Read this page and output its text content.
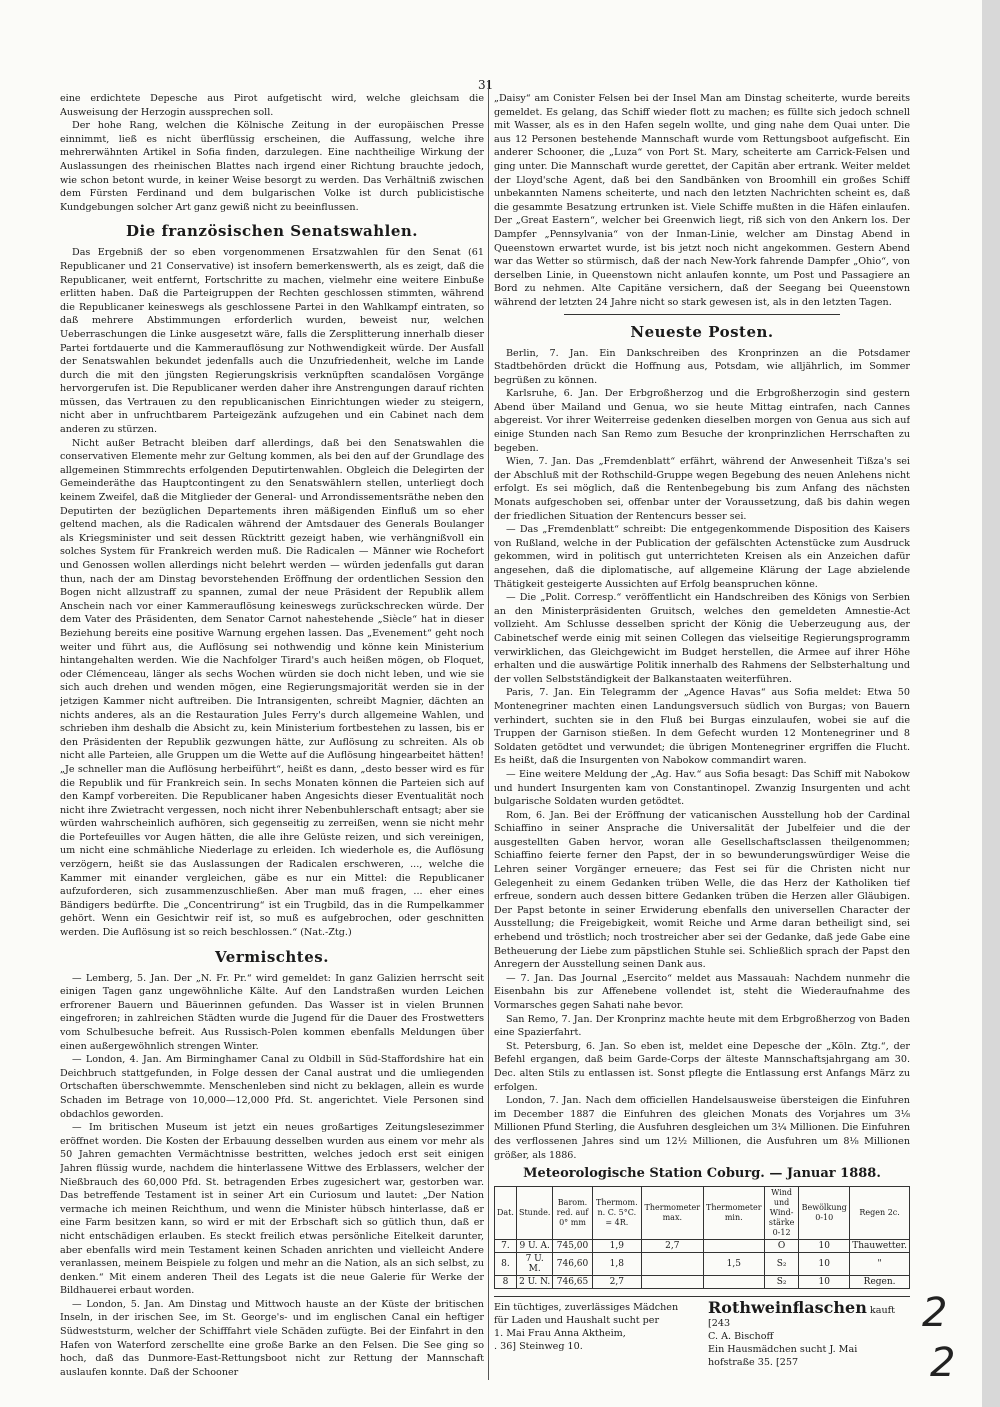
31

eine erdichtete Depesche aus Pirot aufgetischt wird, welche gleichsam die Ausweisung der Herzogin aussprechen soll.

Der hohe Rang, welchen die Kölnische Zeitung in der europäischen Presse einnimmt, ließ es nicht überflüssig erscheinen, die Auffassung, welche ihre mehrerwähnten Artikel in Sofia finden, darzulegen. Eine nachtheilige Wirkung der Auslassungen des rheinischen Blattes nach irgend einer Richtung brauchte jedoch, wie schon betont wurde, in keiner Weise besorgt zu werden. Das Verhältniß zwischen dem Fürsten Ferdinand und dem bulgarischen Volke ist durch publicistische Kundgebungen solcher Art ganz gewiß nicht zu beeinflussen.

Die französischen Senatswahlen.

Das Ergebniß der so eben vorgenommenen Ersatzwahlen für den Senat (61 Republicaner und 21 Conservative) ist insofern bemerkenswerth, als es zeigt, daß die Republicaner, weit entfernt, Fortschritte zu machen, vielmehr eine weitere Einbuße erlitten haben. Daß die Parteigruppen der Rechten geschlossen stimmten, während die Republicaner keineswegs als geschlossene Partei in den Wahlkampf eintraten, so daß mehrere Abstimmungen erforderlich wurden, beweist nur, welchen Ueberraschungen die Linke ausgesetzt wäre, falls die Zersplitterung innerhalb dieser Partei fortdauerte und die Kammerauflösung zur Nothwendigkeit würde. Der Ausfall der Senatswahlen bekundet jedenfalls auch die Unzufriedenheit, welche im Lande durch die mit den jüngsten Regierungskrisis verknüpften scandalösen Vorgänge hervorgerufen ist. Die Republicaner werden daher ihre Anstrengungen darauf richten müssen, das Vertrauen zu den republicanischen Einrichtungen wieder zu steigern, nicht aber in unfruchtbarem Parteigezänk aufzugehen und ein Cabinet nach dem anderen zu stürzen.

Nicht außer Betracht bleiben darf allerdings, daß bei den Senatswahlen die conservativen Elemente mehr zur Geltung kommen, als bei den auf der Grundlage des allgemeinen Stimmrechts erfolgenden Deputirtenwahlen. Obgleich die Delegirten der Gemeinderäthe das Hauptcontingent zu den Senatswählern stellen, unterliegt doch keinem Zweifel, daß die Mitglieder der General- und Arrondissementsräthe neben den Deputirten der bezüglichen Departements ihren mäßigenden Einfluß um so eher geltend machen, als die Radicalen während der Amtsdauer des Generals Boulanger als Kriegsminister und seit dessen Rücktritt gezeigt haben, wie verhängnißvoll ein solches System für Frankreich werden muß. Die Radicalen — Männer wie Rochefort und Genossen wollen allerdings nicht belehrt werden — würden jedenfalls gut daran thun, nach der am Dinstag bevorstehenden Eröffnung der ordentlichen Session den Bogen nicht allzustraff zu spannen, zumal der neue Präsident der Republik allem Anschein nach vor einer Kammerauflösung keineswegs zurückschrecken würde. Der dem Vater des Präsidenten, dem Senator Carnot nahestehende „Siècle“ hat in dieser Beziehung bereits eine positive Warnung ergehen lassen. Das „Evenement“ geht noch weiter und führt aus, die Auflösung sei nothwendig und könne kein Ministerium hintangehalten werden. Wie die Nachfolger Tirard's auch heißen mögen, ob Floquet, oder Clémenceau, länger als sechs Wochen würden sie doch nicht leben, und wie sie sich auch drehen und wenden mögen, eine Regierungsmajorität werden sie in der jetzigen Kammer nicht auftreiben. Die Intransigenten, schreibt Magnier, dächten an nichts anderes, als an die Restauration Jules Ferry's durch allgemeine Wahlen, und schrieben ihm deshalb die Absicht zu, kein Ministerium fortbestehen zu lassen, bis er den Präsidenten der Republik gezwungen hätte, zur Auflösung zu schreiten. Als ob nicht alle Parteien, alle Gruppen um die Wette auf die Auflösung hingearbeitet hätten! „Je schneller man die Auflösung herbeiführt“, heißt es dann, „desto besser wird es für die Republik und für Frankreich sein. In sechs Monaten können die Parteien sich auf den Kampf vorbereiten. Die Republicaner haben Angesichts dieser Eventualität noch nicht ihre Zwietracht vergessen, noch nicht ihrer Nebenbuhlerschaft entsagt; aber sie würden wahrscheinlich aufhören, sich gegenseitig zu zerreißen, wenn sie nicht mehr die Portefeuilles vor Augen hätten, die alle ihre Gelüste reizen, und sich vereinigen, um nicht eine schmähliche Niederlage zu erleiden. Ich wiederhole es, die Auflösung verzögern, heißt sie das Auslassungen der Radicalen erschweren, ..., welche die Kammer mit einander vergleichen, gäbe es nur ein Mittel: die Republicaner aufzuforderen, sich zusammenzuschließen. Aber man muß fragen, ... eher eines Bändigers bedürfte. Die „Concentrirung“ ist ein Trugbild, das in die Rumpelkammer gehört. Wenn ein Gesichtwir reif ist, so muß es aufgebrochen, oder geschnitten werden. Die Auflösung ist so reich beschlossen.“ (Nat.-Ztg.)

Vermischtes.

— Lemberg, 5. Jan. Der „N. Fr. Pr.“ wird gemeldet: In ganz Galizien herrscht seit einigen Tagen ganz ungewöhnliche Kälte. Auf den Landstraßen wurden Leichen erfrorener Bauern und Bäuerinnen gefunden. Das Wasser ist in vielen Brunnen eingefroren; in zahlreichen Städten wurde die Jugend für die Dauer des Frostwetters vom Schulbesuche befreit. Aus Russisch-Polen kommen ebenfalls Meldungen über einen außergewöhnlich strengen Winter.

— London, 4. Jan. Am Birminghamer Canal zu Oldbill in Süd-Staffordshire hat ein Deichbruch stattgefunden, in Folge dessen der Canal austrat und die umliegenden Ortschaften überschwemmte. Menschenleben sind nicht zu beklagen, allein es wurde Schaden im Betrage von 10,000—12,000 Pfd. St. angerichtet. Viele Personen sind obdachlos geworden.

— Im britischen Museum ist jetzt ein neues großartiges Zeitungslesezimmer eröffnet worden. Die Kosten der Erbauung desselben wurden aus einem vor mehr als 50 Jahren gemachten Vermächtnisse bestritten, welches jedoch erst seit einigen Jahren flüssig wurde, nachdem die hinterlassene Wittwe des Erblassers, welcher der Nießbrauch des 60,000 Pfd. St. betragenden Erbes zugesichert war, gestorben war. Das betreffende Testament ist in seiner Art ein Curiosum und lautet: „Der Nation vermache ich meinen Reichthum, und wenn die Minister hübsch hinterlasse, daß er eine Farm besitzen kann, so wird er mit der Erbschaft sich so gütlich thun, daß er nicht entschädigen erlauben. Es steckt freilich etwas persönliche Eitelkeit darunter, aber ebenfalls wird mein Testament keinen Schaden anrichten und vielleicht Andere veranlassen, meinem Beispiele zu folgen und mehr an die Nation, als an sich selbst, zu denken.“ Mit einem anderen Theil des Legats ist die neue Galerie für Werke der Bildhauerei erbaut worden.

— London, 5. Jan. Am Dinstag und Mittwoch hauste an der Küste der britischen Inseln, in der irischen See, im St. George's- und im englischen Canal ein heftiger Südweststurm, welcher der Schifffahrt viele Schäden zufügte. Bei der Einfahrt in den Hafen von Waterford zerschellte eine große Barke an den Felsen. Die See ging so hoch, daß das Dunmore-East-Rettungsboot nicht zur Rettung der Mannschaft auslaufen konnte. Daß der Schooner

„Daisy“ am Conister Felsen bei der Insel Man am Dinstag scheiterte, wurde bereits gemeldet. Es gelang, das Schiff wieder flott zu machen; es füllte sich jedoch schnell mit Wasser, als es in den Hafen segeln wollte, und ging nahe dem Quai unter. Die aus 12 Personen bestehende Mannschaft wurde vom Rettungsboot aufgefischt. Ein anderer Schooner, die „Luza“ von Port St. Mary, scheiterte am Carrick-Felsen und ging unter. Die Mannschaft wurde gerettet, der Capitän aber ertrank. Weiter meldet der Lloyd'sche Agent, daß bei den Sandbänken von Broomhill ein großes Schiff unbekannten Namens scheiterte, und nach den letzten Nachrichten scheint es, daß die gesammte Besatzung ertrunken ist. Viele Schiffe mußten in die Häfen einlaufen. Der „Great Eastern“, welcher bei Greenwich liegt, riß sich von den Ankern los. Der Dampfer „Pennsylvania“ von der Inman-Linie, welcher am Dinstag Abend in Queenstown erwartet wurde, ist bis jetzt noch nicht angekommen. Gestern Abend war das Wetter so stürmisch, daß der nach New-York fahrende Dampfer „Ohio“, von derselben Linie, in Queenstown nicht anlaufen konnte, um Post und Passagiere an Bord zu nehmen. Alte Capitäne versichern, daß der Seegang bei Queenstown während der letzten 24 Jahre nicht so stark gewesen ist, als in den letzten Tagen.

Neueste Posten.

Berlin, 7. Jan. Ein Dankschreiben des Kronprinzen an die Potsdamer Stadtbehörden drückt die Hoffnung aus, Potsdam, wie alljährlich, im Sommer begrüßen zu können.

Karlsruhe, 6. Jan. Der Erbgroßherzog und die Erbgroßherzogin sind gestern Abend über Mailand und Genua, wo sie heute Mittag eintrafen, nach Cannes abgereist. Vor ihrer Weiterreise gedenken dieselben morgen von Genua aus sich auf einige Stunden nach San Remo zum Besuche der kronprinzlichen Herrschaften zu begeben.

Wien, 7. Jan. Das „Fremdenblatt“ erfährt, während der Anwesenheit Tißza's sei der Abschluß mit der Rothschild-Gruppe wegen Begebung des neuen Anlehens nicht erfolgt. Es sei möglich, daß die Rentenbegebung bis zum Anfang des nächsten Monats aufgeschoben sei, offenbar unter der Voraussetzung, daß bis dahin wegen der friedlichen Situation der Rentencurs besser sei.

— Das „Fremdenblatt“ schreibt: Die entgegenkommende Disposition des Kaisers von Rußland, welche in der Publication der gefälschten Actenstücke zum Ausdruck gekommen, wird in politisch gut unterrichteten Kreisen als ein Anzeichen dafür angesehen, daß die diplomatische, auf allgemeine Klärung der Lage abzielende Thätigkeit gesteigerte Aussichten auf Erfolg beanspruchen könne.

— Die „Polit. Corresp.“ veröffentlicht ein Handschreiben des Königs von Serbien an den Ministerpräsidenten Gruitsch, welches den gemeldeten Amnestie-Act vollzieht. Am Schlusse desselben spricht der König die Ueberzeugung aus, der Cabinetschef werde einig mit seinen Collegen das vielseitige Regierungsprogramm verwirklichen, das Gleichgewicht im Budget herstellen, die Armee auf ihrer Höhe erhalten und die auswärtige Politik innerhalb des Rahmens der Selbsterhaltung und der vollen Selbstständigkeit der Balkanstaaten weiterführen.

Paris, 7. Jan. Ein Telegramm der „Agence Havas“ aus Sofia meldet: Etwa 50 Montenegriner machten einen Landungsversuch südlich von Burgas; von Bauern verhindert, suchten sie in den Fluß bei Burgas einzulaufen, wobei sie auf die Truppen der Garnison stießen. In dem Gefecht wurden 12 Montenegriner und 8 Soldaten getödtet und verwundet; die übrigen Montenegriner ergriffen die Flucht. Es heißt, daß die Insurgenten von Nabokow commandirt waren.

— Eine weitere Meldung der „Ag. Hav.“ aus Sofia besagt: Das Schiff mit Nabokow und hundert Insurgenten kam von Constantinopel. Zwanzig Insurgenten und acht bulgarische Soldaten wurden getödtet.

Rom, 6. Jan. Bei der Eröffnung der vaticanischen Ausstellung hob der Cardinal Schiaffino in seiner Ansprache die Universalität der Jubelfeier und die der ausgestellten Gaben hervor, woran alle Gesellschaftsclassen theilgenommen; Schiaffino feierte ferner den Papst, der in so bewunderungswürdiger Weise die Lehren seiner Vorgänger erneuere; das Fest sei für die Christen nicht nur Gelegenheit zu einem Gedanken trüben Welle, die das Herz der Katholiken tief erfreue, sondern auch dessen bittere Gedanken trüben die Herzen aller Gläubigen. Der Papst betonte in seiner Erwiderung ebenfalls den universellen Character der Ausstellung; die Freigebigkeit, womit Reiche und Arme daran betheiligt sind, sei erhebend und tröstlich; noch trostreicher aber sei der Gedanke, daß jede Gabe eine Betheuerung der Liebe zum päpstlichen Stuhle sei. Schließlich sprach der Papst den Anregern der Ausstellung seinen Dank aus.

— 7. Jan. Das Journal „Esercito“ meldet aus Massauah: Nachdem nunmehr die Eisenbahn bis zur Affenebene vollendet ist, steht die Wiederaufnahme des Vormarsches gegen Sahati nahe bevor.

San Remo, 7. Jan. Der Kronprinz machte heute mit dem Erbgroßherzog von Baden eine Spazierfahrt.

St. Petersburg, 6. Jan. So eben ist, meldet eine Depesche der „Köln. Ztg.“, der Befehl ergangen, daß beim Garde-Corps der älteste Mannschaftsjahrgang am 30. Dec. alten Stils zu entlassen ist. Sonst pflegte die Entlassung erst Anfangs März zu erfolgen.

London, 7. Jan. Nach dem officiellen Handelsausweise übersteigen die Einfuhren im December 1887 die Einfuhren des gleichen Monats des Vorjahres um 3⅛ Millionen Pfund Sterling, die Ausfuhren desgleichen um 3¼ Millionen. Die Einfuhren des verflossenen Jahres sind um 12½ Millionen, die Ausfuhren um 8⅛ Millionen größer, als 1886.

Meteorologische Station Coburg. — Januar 1888.
Dat.	Stunde.	Barom. red. auf 0° mm	Thermom. n. C. 5°C. = 4R.	Thermometer max.	Thermometer min.	Wind und Wind-stärke 0-12	Bewölkung 0-10	Regen 2c.
7.	9 U. A.	745,00	1,9	2,7		O	10	Thauwetter.
8.	7 U. M.	746,60	1,8		1,5	S₂	10	"
8	2 U. N.	746,65	2,7			S₂	10	Regen.
Ein tüchtiges, zuverlässiges Mädchen
für Laden und Haushalt sucht per
1. Mai Frau Anna Aktheim,
. 36] Steinweg 10.
Rothweinflaschen kauft [243
C. A. Bischoff
Ein Hausmädchen sucht J. Mai
hofstraße 35. [257
2
2
